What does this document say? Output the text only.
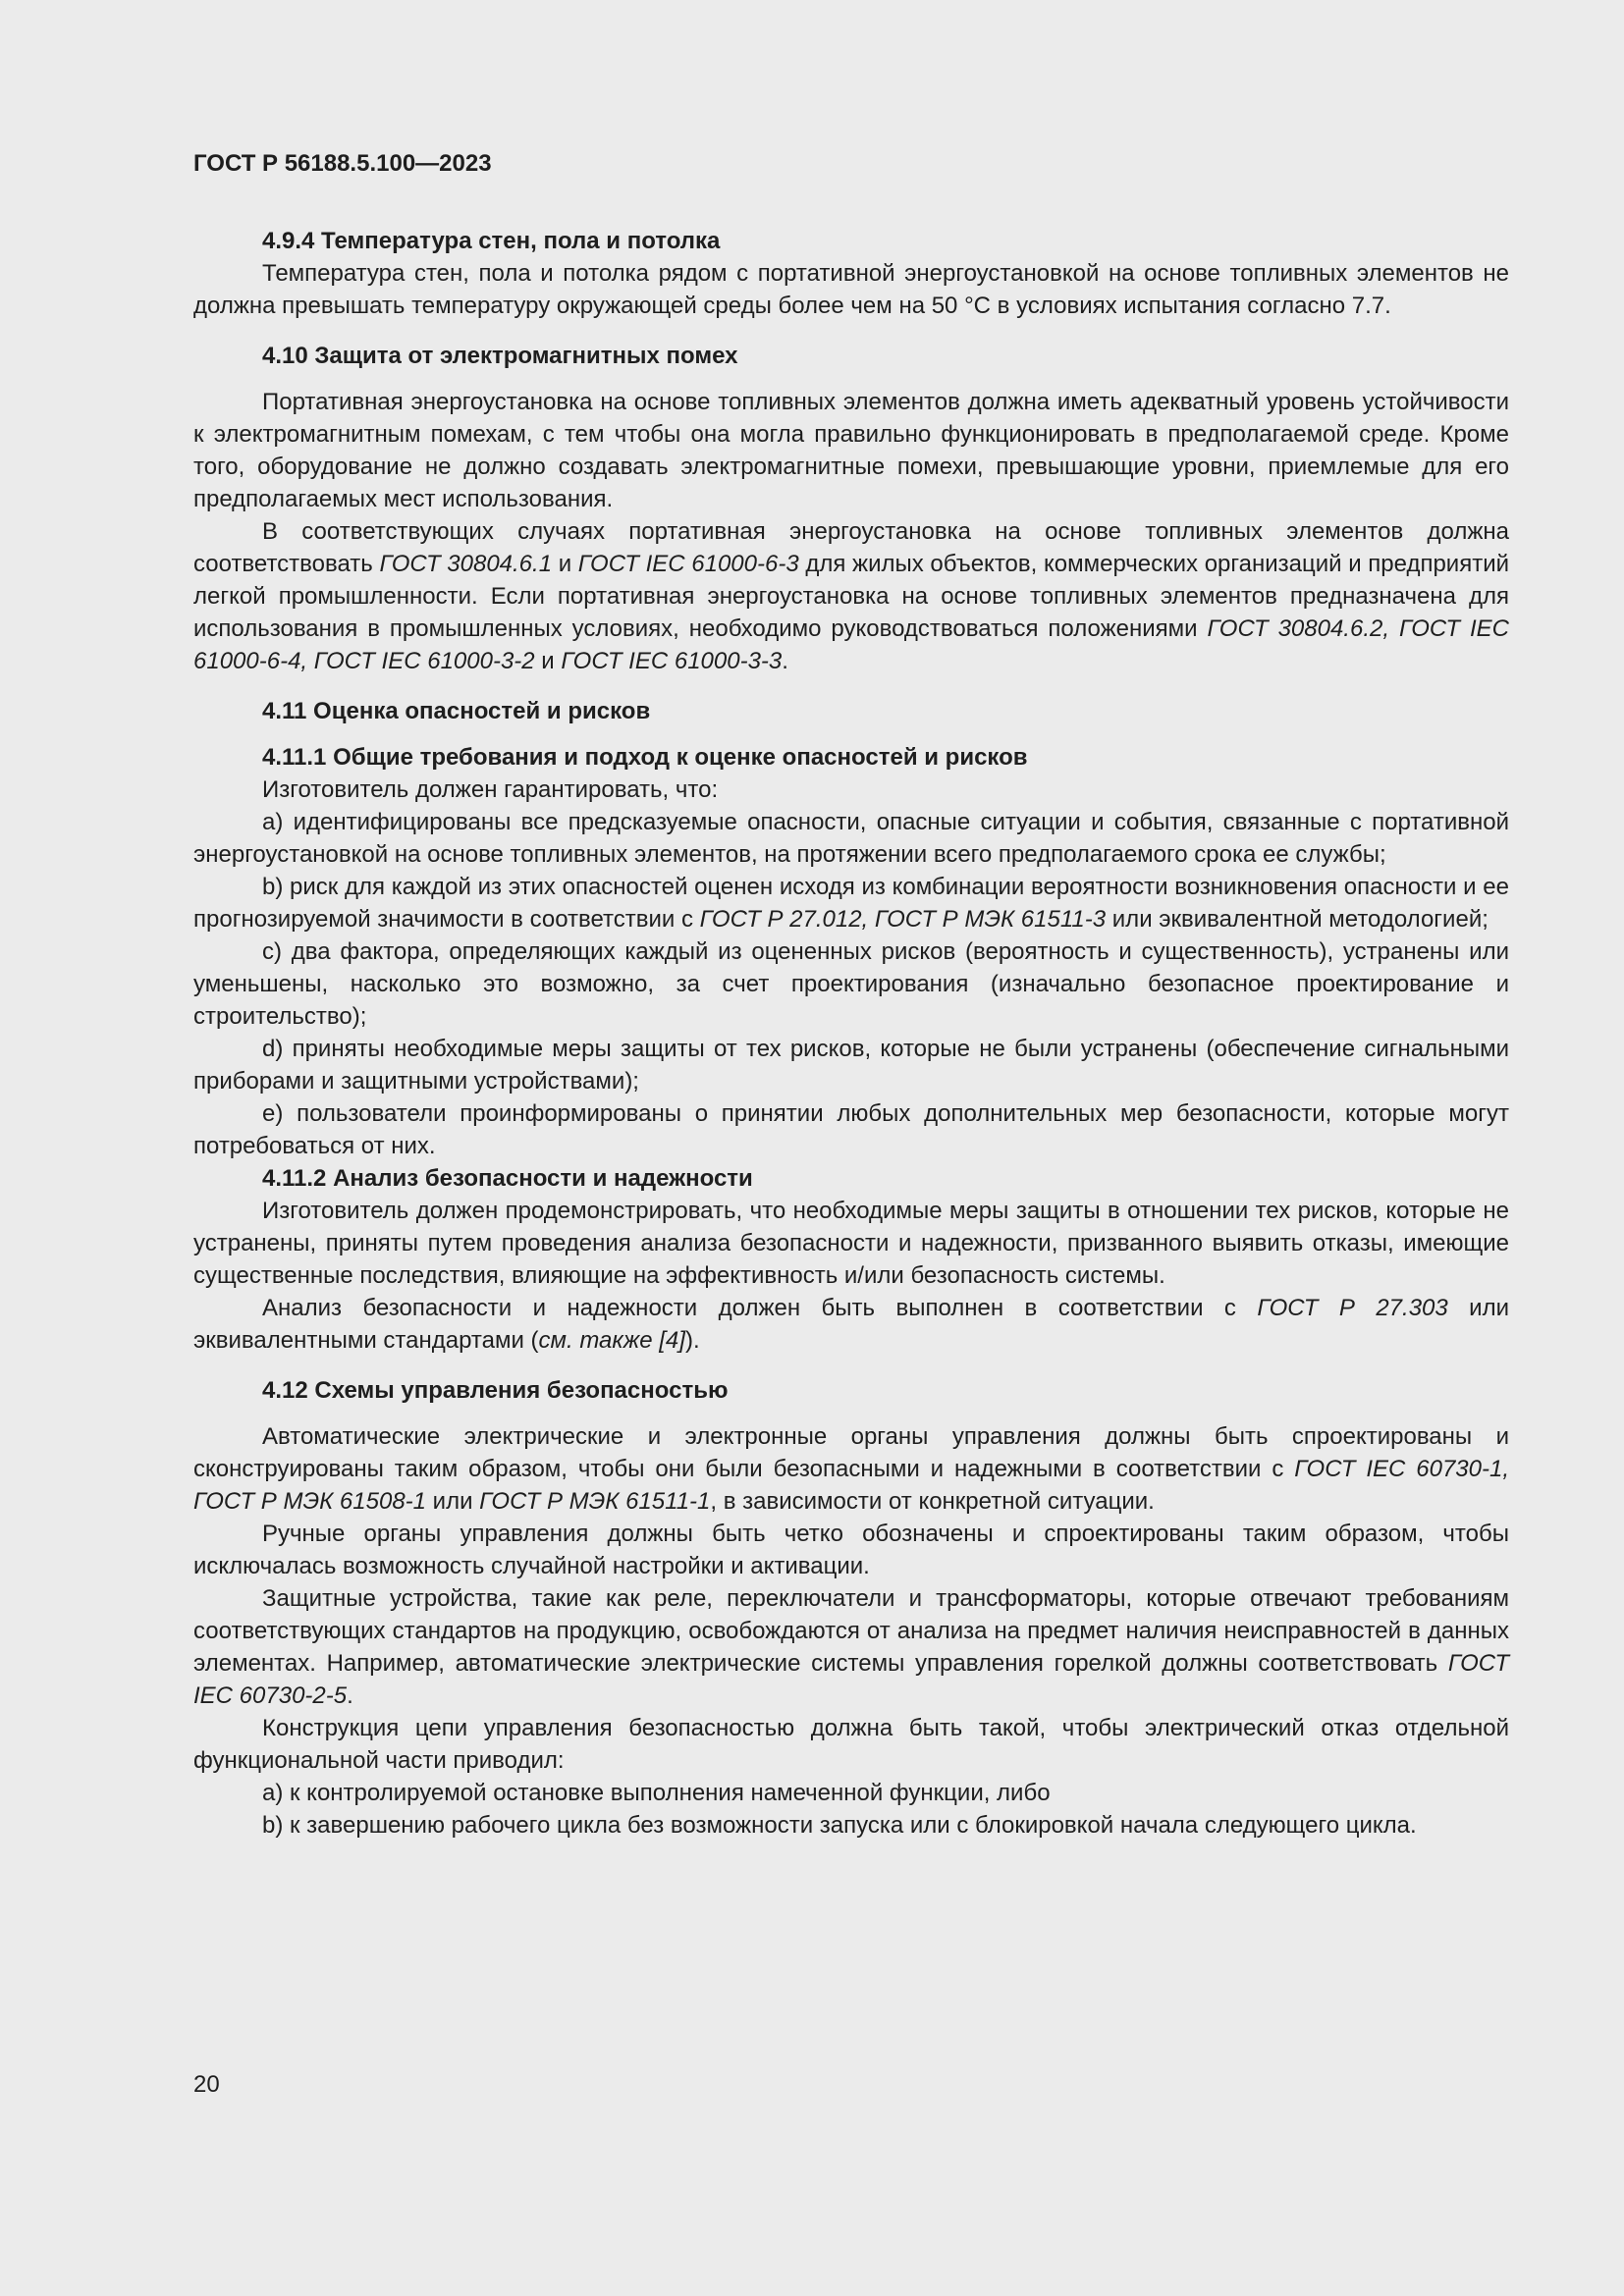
ГОСТ Р 56188.5.100—2023

4.9.4 Температура стен, пола и потолка

Температура стен, пола и потолка рядом с портативной энергоустановкой на основе топливных элементов не должна превышать температуру окружающей среды более чем на 50 °C в условиях испытания согласно 7.7.

4.10 Защита от электромагнитных помех

Портативная энергоустановка на основе топливных элементов должна иметь адекватный уровень устойчивости к электромагнитным помехам, с тем чтобы она могла правильно функционировать в предполагаемой среде. Кроме того, оборудование не должно создавать электромагнитные помехи, превышающие уровни, приемлемые для его предполагаемых мест использования.

В соответствующих случаях портативная энергоустановка на основе топливных элементов должна соответствовать ГОСТ 30804.6.1 и ГОСТ IEC 61000-6-3 для жилых объектов, коммерческих организаций и предприятий легкой промышленности. Если портативная энергоустановка на основе топливных элементов предназначена для использования в промышленных условиях, необходимо руководствоваться положениями ГОСТ 30804.6.2, ГОСТ IEC 61000-6-4, ГОСТ IEC 61000-3-2 и ГОСТ IEC 61000-3-3.

4.11 Оценка опасностей и рисков

4.11.1 Общие требования и подход к оценке опасностей и рисков

Изготовитель должен гарантировать, что:

a) идентифицированы все предсказуемые опасности, опасные ситуации и события, связанные с портативной энергоустановкой на основе топливных элементов, на протяжении всего предполагаемого срока ее службы;

b) риск для каждой из этих опасностей оценен исходя из комбинации вероятности возникновения опасности и ее прогнозируемой значимости в соответствии с ГОСТ Р 27.012, ГОСТ Р МЭК 61511-3 или эквивалентной методологией;

c) два фактора, определяющих каждый из оцененных рисков (вероятность и существенность), устранены или уменьшены, насколько это возможно, за счет проектирования (изначально безопасное проектирование и строительство);

d) приняты необходимые меры защиты от тех рисков, которые не были устранены (обеспечение сигнальными приборами и защитными устройствами);

e) пользователи проинформированы о принятии любых дополнительных мер безопасности, которые могут потребоваться от них.

4.11.2 Анализ безопасности и надежности

Изготовитель должен продемонстрировать, что необходимые меры защиты в отношении тех рисков, которые не устранены, приняты путем проведения анализа безопасности и надежности, призванного выявить отказы, имеющие существенные последствия, влияющие на эффективность и/или безопасность системы.

Анализ безопасности и надежности должен быть выполнен в соответствии с ГОСТ Р 27.303 или эквивалентными стандартами (см. также [4]).

4.12 Схемы управления безопасностью

Автоматические электрические и электронные органы управления должны быть спроектированы и сконструированы таким образом, чтобы они были безопасными и надежными в соответствии с ГОСТ IEC 60730-1, ГОСТ Р МЭК 61508-1 или ГОСТ Р МЭК 61511-1, в зависимости от конкретной ситуации.

Ручные органы управления должны быть четко обозначены и спроектированы таким образом, чтобы исключалась возможность случайной настройки и активации.

Защитные устройства, такие как реле, переключатели и трансформаторы, которые отвечают требованиям соответствующих стандартов на продукцию, освобождаются от анализа на предмет наличия неисправностей в данных элементах. Например, автоматические электрические системы управления горелкой должны соответствовать ГОСТ IEC 60730-2-5.

Конструкция цепи управления безопасностью должна быть такой, чтобы электрический отказ отдельной функциональной части приводил:

a) к контролируемой остановке выполнения намеченной функции, либо

b) к завершению рабочего цикла без возможности запуска или с блокировкой начала следующего цикла.

20
